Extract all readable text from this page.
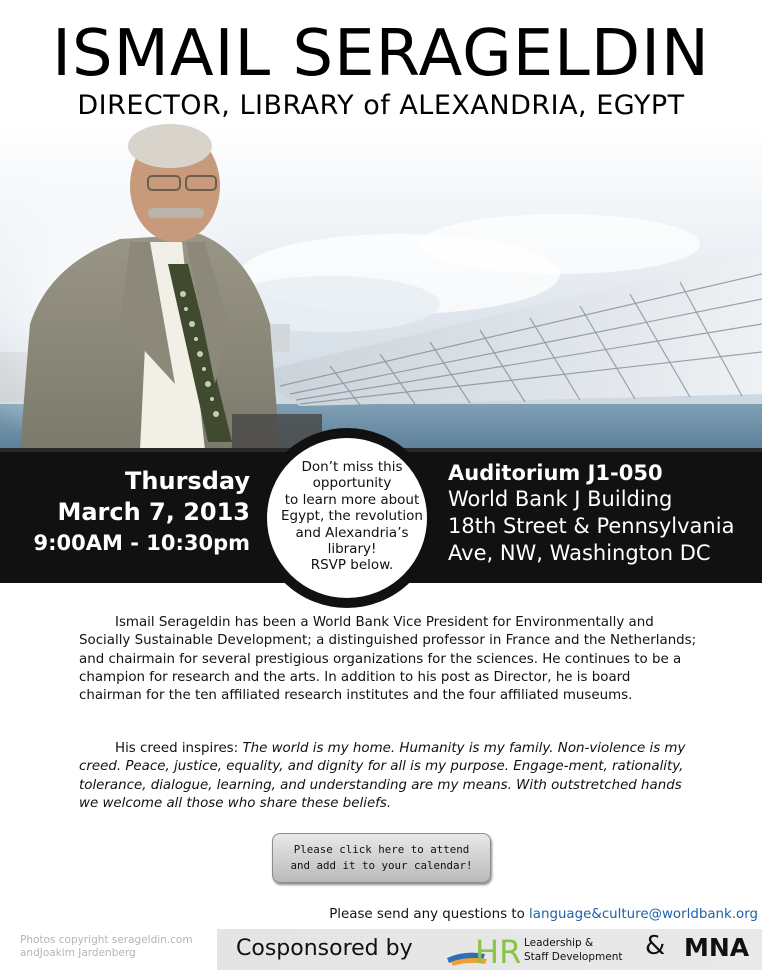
ISMAIL SERAGELDIN
DIRECTOR, LIBRARY of ALEXANDRIA, EGYPT
Thursday
March 7, 2013
9:00AM - 10:30pm
Auditorium J1-050
World Bank J Building
18th Street & Pennsylvania
Ave, NW, Washington DC
Don’t miss this
opportunity
to learn more about
Egypt, the revolution
and Alexandria’s
library!
RSVP below.

Ismail Serageldin has been a World Bank Vice President for Environmentally and Socially Sustainable Development; a distinguished professor in France and the Netherlands; and chairmain for several prestigious organizations for the sciences. He continues to be a champion for research and the arts. In addition to his post as Director, he is board chairman for the ten affiliated research institutes and the four affiliated museums.

His creed inspires: The world is my home. Humanity is my family. Non-violence is my creed. Peace, justice, equality, and dignity for all is my purpose. Engage-ment, rationality, tolerance, dialogue, learning, and understanding are my means. With outstretched hands we welcome all those who share these beliefs.

Please click here to attend
and add it to your calendar!
Please send any questions to language&culture@worldbank.org
Photos copyright serageldin.com
andJoakim Jardenberg	Cosponsored by HR Leadership &
Staff Development & MNA
